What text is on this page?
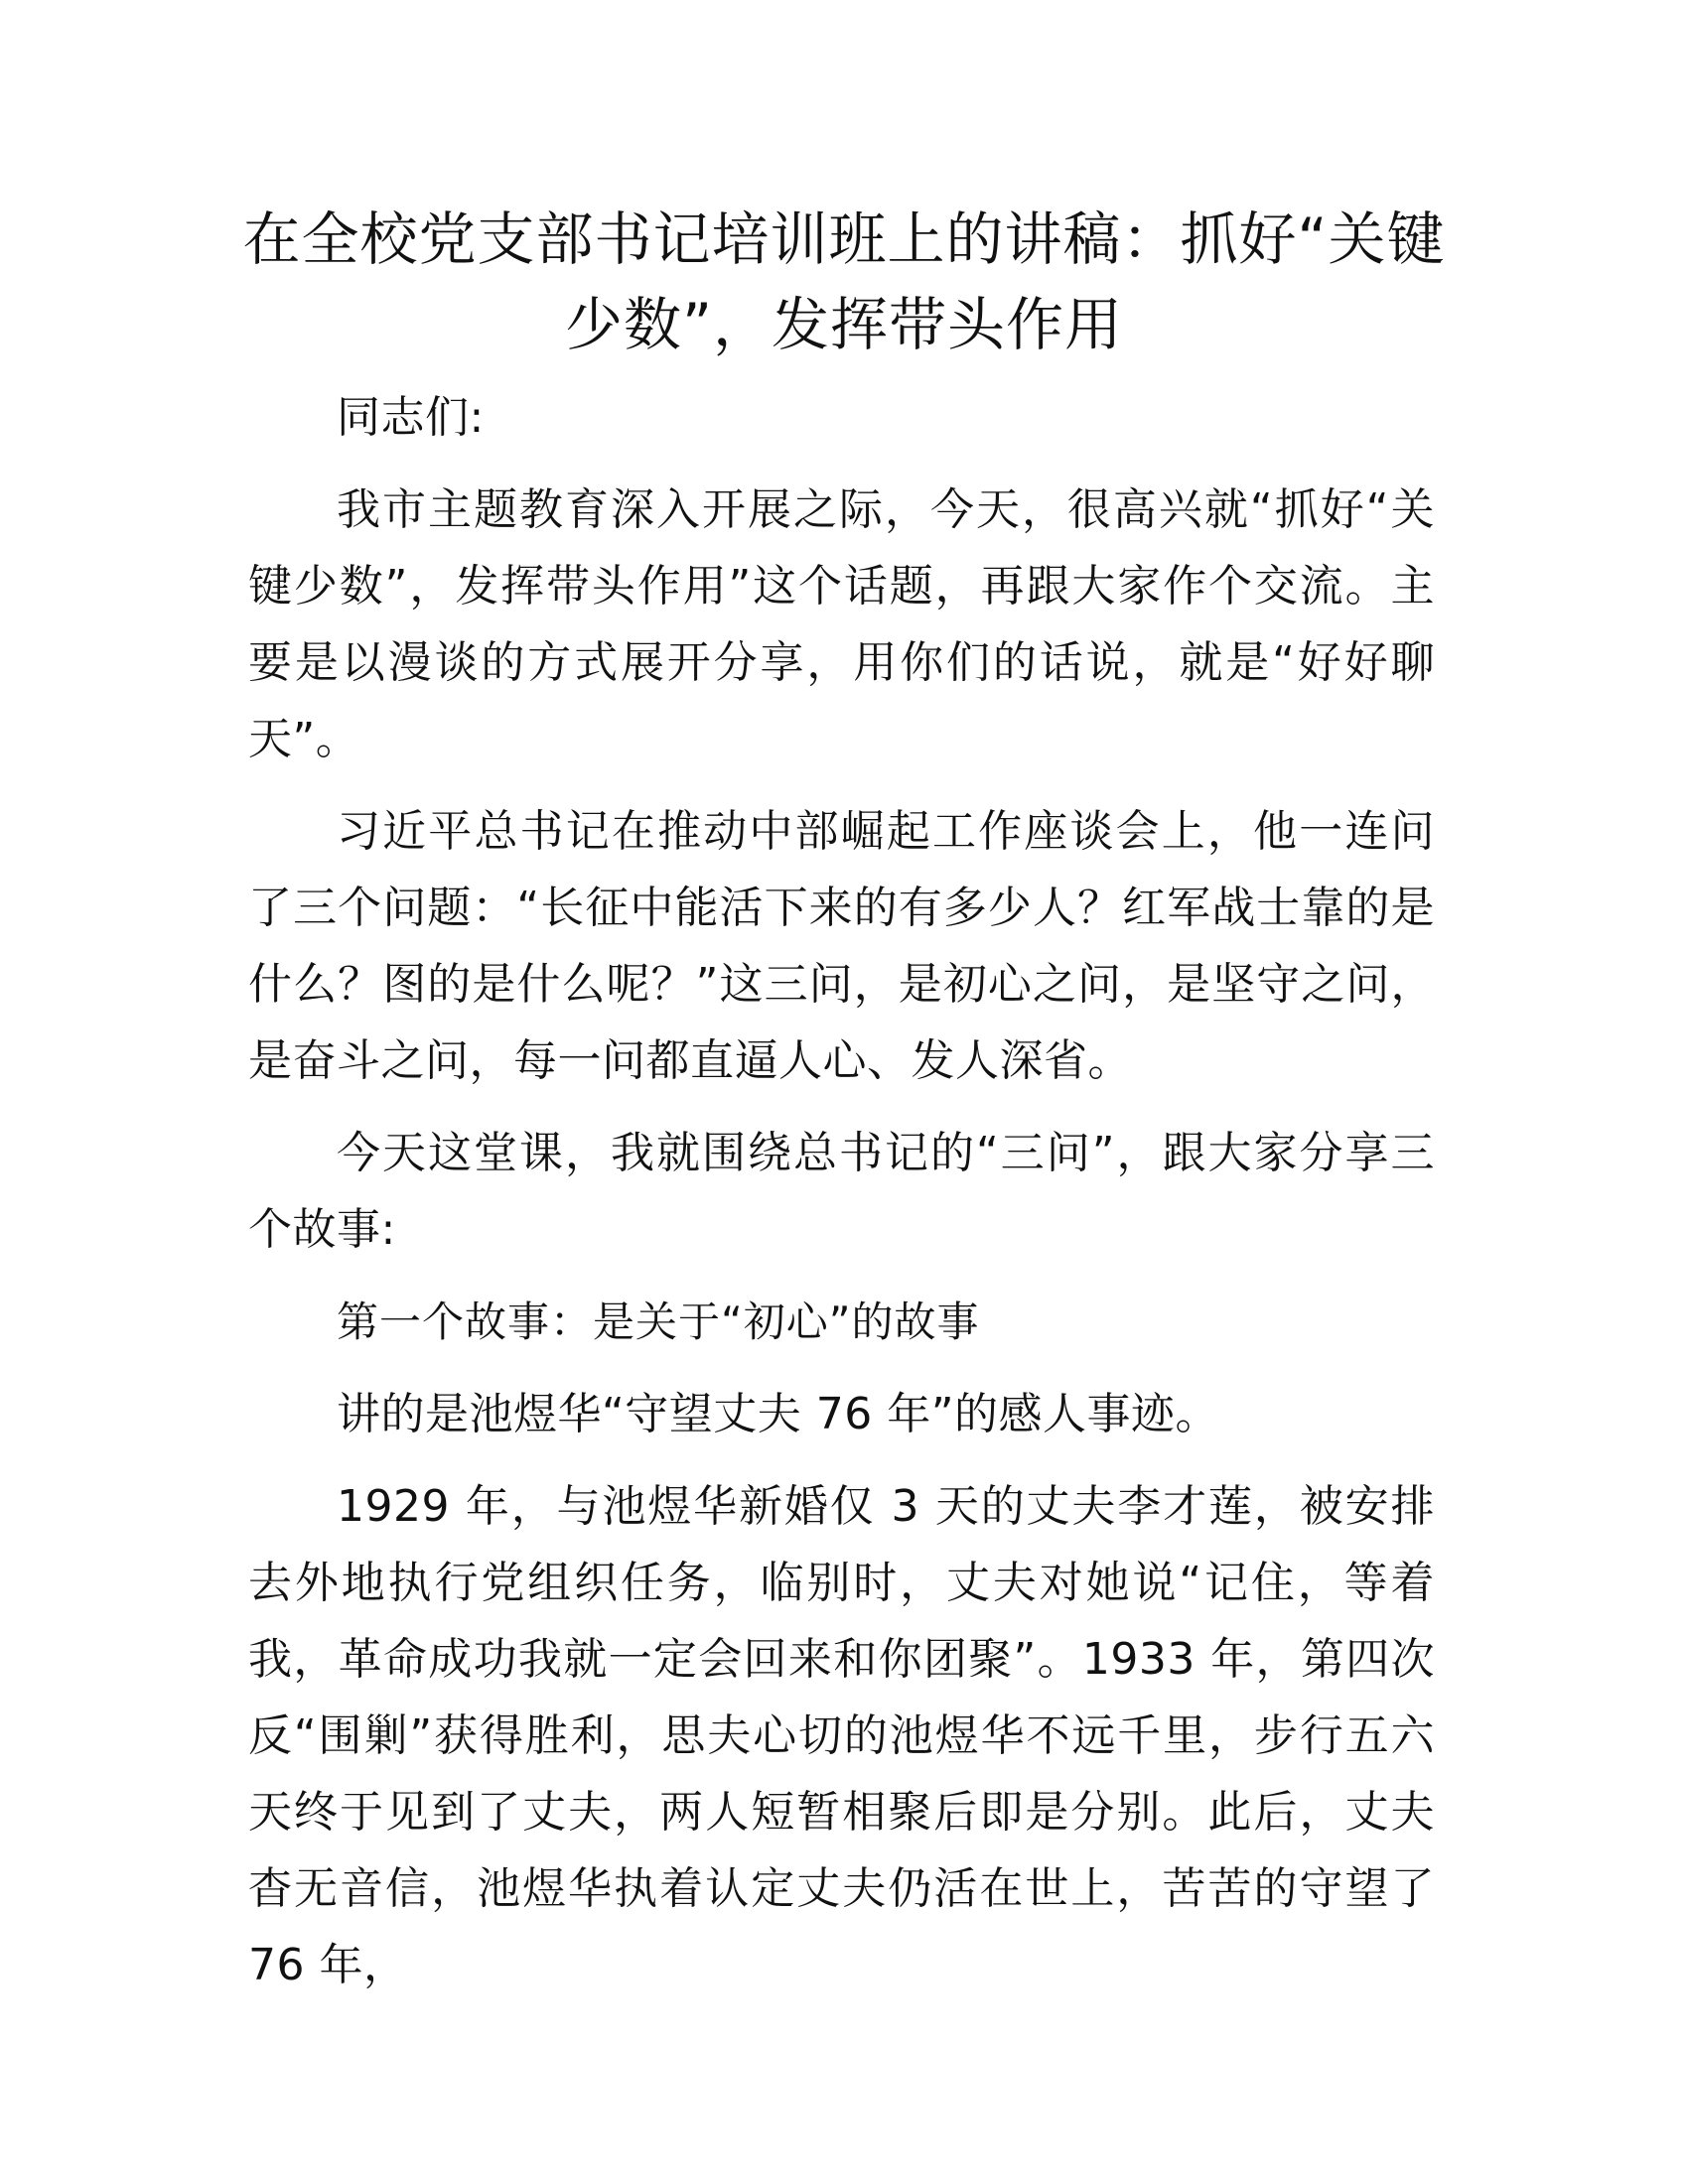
在全校党支部书记培训班上的讲稿：抓好“关键少数”，发挥带头作用

同志们:

我市主题教育深入开展之际，今天，很高兴就“抓好“关键少数”，发挥带头作用”这个话题，再跟大家作个交流。主要是以漫谈的方式展开分享，用你们的话说，就是“好好聊天”。

习近平总书记在推动中部崛起工作座谈会上，他一连问了三个问题：“长征中能活下来的有多少人？红军战士靠的是什么？图的是什么呢？”这三问，是初心之问，是坚守之问，是奋斗之问，每一问都直逼人心、发人深省。

今天这堂课，我就围绕总书记的“三问”，跟大家分享三个故事:

第一个故事：是关于“初心”的故事

讲的是池煜华“守望丈夫 76 年”的感人事迹。

1929 年，与池煜华新婚仅 3 天的丈夫李才莲，被安排去外地执行党组织任务，临别时，丈夫对她说“记住，等着我，革命成功我就一定会回来和你团聚”。1933 年，第四次反“围剿”获得胜利，思夫心切的池煜华不远千里，步行五六天终于见到了丈夫，两人短暂相聚后即是分别。此后，丈夫杳无音信，池煜华执着认定丈夫仍活在世上，苦苦的守望了 76 年，
